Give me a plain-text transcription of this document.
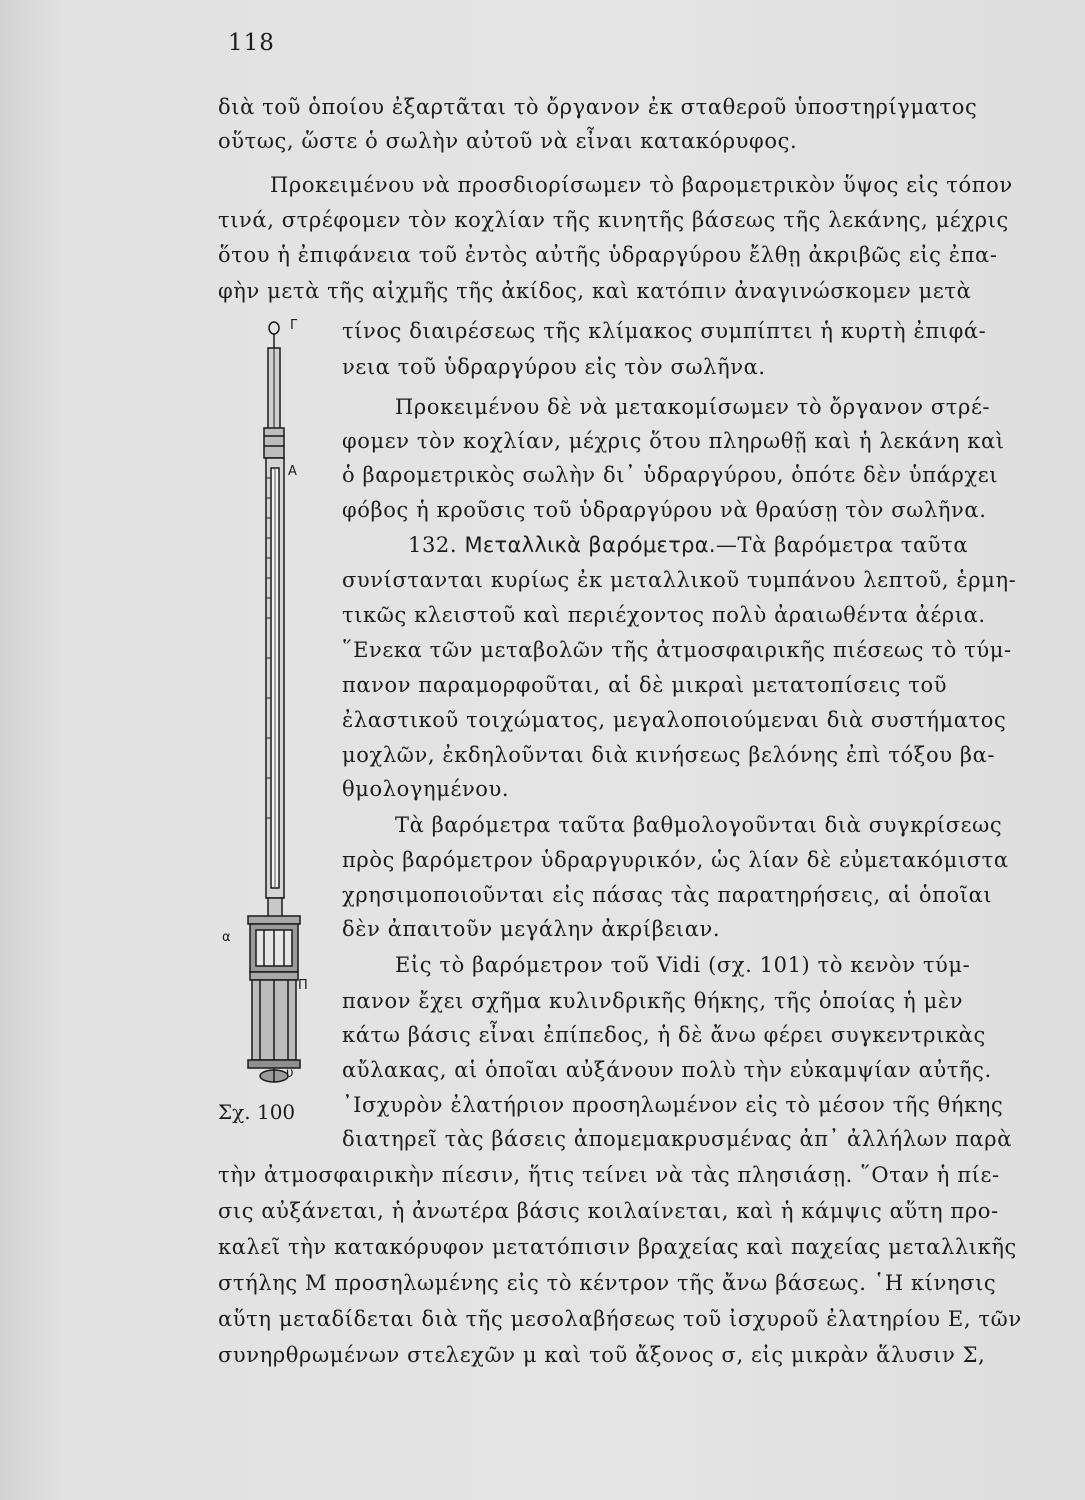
118

διὰ τοῦ ὁποίου ἐξαρτᾶται τὸ ὄργανον ἐκ σταθεροῦ ὑποστηρίγματος

οὕτως, ὥστε ὁ σωλὴν αὐτοῦ νὰ εἶναι κατακόρυφος.

Προκειμένου νὰ προσδιορίσωμεν τὸ βαρομετρικὸν ὕψος εἰς τόπον

τινά, στρέφομεν τὸν κοχλίαν τῆς κινητῆς βάσεως τῆς λεκάνης, μέχρις

ὅτου ἡ ἐπιφάνεια τοῦ ἐντὸς αὐτῆς ὑδραργύρου ἔλθῃ ἀκριβῶς εἰς ἐπα-

φὴν μετὰ τῆς αἰχμῆς τῆς ἀκίδος, καὶ κατόπιν ἀναγινώσκομεν μετὰ

τίνος διαιρέσεως τῆς κλίμακος συμπίπτει ἡ κυρτὴ ἐπιφά-

νεια τοῦ ὑδραργύρου εἰς τὸν σωλῆνα.

Προκειμένου δὲ νὰ μετακομίσωμεν τὸ ὄργανον στρέ-

φομεν τὸν κοχλίαν, μέχρις ὅτου πληρωθῇ καὶ ἡ λεκάνη καὶ

ὁ βαρομετρικὸς σωλὴν δι᾿ ὑδραργύρου, ὁπότε δὲν ὑπάρχει

φόβος ἡ κροῦσις τοῦ ὑδραργύρου νὰ θραύσῃ τὸν σωλῆνα.

132. Μεταλλικὰ βαρόμετρα.—Τὰ βαρόμετρα ταῦτα

συνίστανται κυρίως ἐκ μεταλλικοῦ τυμπάνου λεπτοῦ, ἑρμη-

τικῶς κλειστοῦ καὶ περιέχοντος πολὺ ἀραιωθέντα ἀέρια.

῞Ενεκα τῶν μεταβολῶν τῆς ἀτμοσφαιρικῆς πιέσεως τὸ τύμ-

πανον παραμορφοῦται, αἱ δὲ μικραὶ μετατοπίσεις τοῦ

ἐλαστικοῦ τοιχώματος, μεγαλοποιούμεναι διὰ συστήματος

μοχλῶν, ἐκδηλοῦνται διὰ κινήσεως βελόνης ἐπὶ τόξου βα-

θμολογημένου.

Τὰ βαρόμετρα ταῦτα βαθμολογοῦνται διὰ συγκρίσεως

πρὸς βαρόμετρον ὑδραργυρικόν, ὡς λίαν δὲ εὐμετακόμιστα

χρησιμοποιοῦνται εἰς πάσας τὰς παρατηρήσεις, αἱ ὁποῖαι

δὲν ἀπαιτοῦν μεγάλην ἀκρίβειαν.

Εἰς τὸ βαρόμετρον τοῦ Vidi (σχ. 101) τὸ κενὸν τύμ-

πανον ἔχει σχῆμα κυλινδρικῆς θήκης, τῆς ὁποίας ἡ μὲν

κάτω βάσις εἶναι ἐπίπεδος, ἡ δὲ ἄνω φέρει συγκεντρικὰς

αὔλακας, αἱ ὁποῖαι αὐξάνουν πολὺ τὴν εὐκαμψίαν αὐτῆς.

᾿Ισχυρὸν ἐλατήριον προσηλωμένον εἰς τὸ μέσον τῆς θήκης

διατηρεῖ τὰς βάσεις ἀπομεμακρυσμένας ἀπ᾿ ἀλλήλων παρὰ

τὴν ἀτμοσφαιρικὴν πίεσιν, ἥτις τείνει νὰ τὰς πλησιάσῃ. ῞Οταν ἡ πίε-

σις αὐξάνεται, ἡ ἀνωτέρα βάσις κοιλαίνεται, καὶ ἡ κάμψις αὕτη προ-

καλεῖ τὴν κατακόρυφον μετατόπισιν βραχείας καὶ παχείας μεταλλικῆς

στήλης Μ προσηλωμένης εἰς τὸ κέντρον τῆς ἄνω βάσεως. ῾Η κίνησις

αὕτη μεταδίδεται διὰ τῆς μεσολαβήσεως τοῦ ἰσχυροῦ ἐλατηρίου Ε, τῶν

συνηρθρωμένων στελεχῶν μ καὶ τοῦ ἄξονος σ, εἰς μικρὰν ἅλυσιν Σ,

Γ
Α
α
Π
υ
Σχ. 100
